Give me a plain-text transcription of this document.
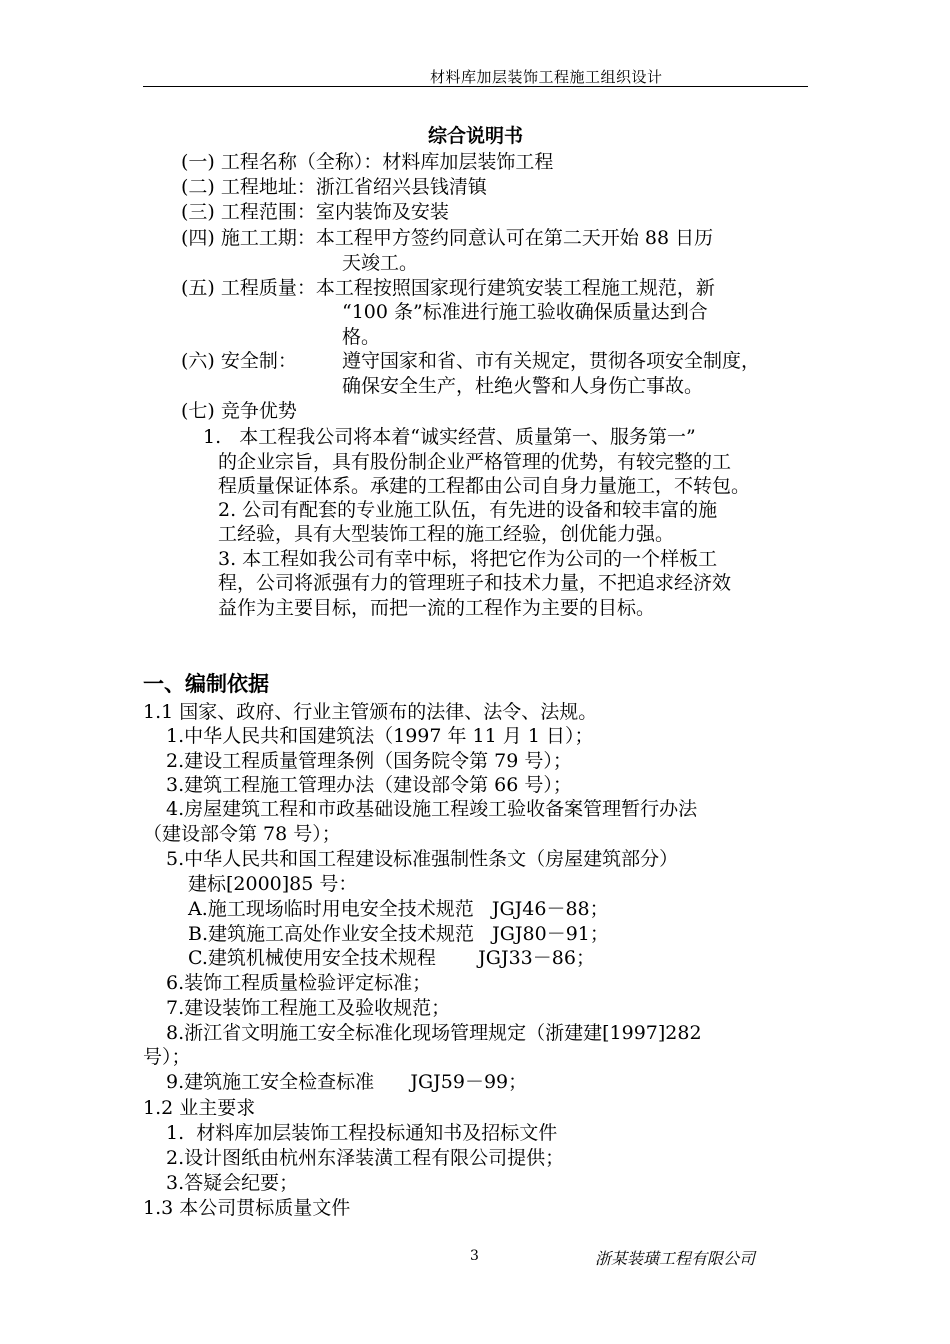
材料库加层装饰工程施工组织设计
综合说明书
(一) 工程名称（全称）：材料库加层装饰工程
(二) 工程地址：浙江省绍兴县钱清镇
(三) 工程范围：室内装饰及安装
(四) 施工工期：本工程甲方签约同意认可在第二天开始 88 日历
天竣工。
(五) 工程质量：本工程按照国家现行建筑安装工程施工规范，新
“100 条”标准进行施工验收确保质量达到合
格。
(六) 安全制： 遵守国家和省、市有关规定，贯彻各项安全制度，
确保安全生产，杜绝火警和人身伤亡事故。
(七) 竞争优势
1.   本工程我公司将本着“诚实经营、质量第一、服务第一”
的企业宗旨，具有股份制企业严格管理的优势，有较完整的工
程质量保证体系。承建的工程都由公司自身力量施工，不转包。
2. 公司有配套的专业施工队伍，有先进的设备和较丰富的施
工经验，具有大型装饰工程的施工经验，创优能力强。
3. 本工程如我公司有幸中标，将把它作为公司的一个样板工
程，公司将派强有力的管理班子和技术力量，不把追求经济效
益作为主要目标，而把一流的工程作为主要的目标。
一、编制依据
1.1 国家、政府、行业主管颁布的法律、法令、法规。
1.中华人民共和国建筑法（1997 年 11 月 1 日）；
2.建设工程质量管理条例（国务院令第 79 号）；
3.建筑工程施工管理办法（建设部令第 66 号）；
4.房屋建筑工程和市政基础设施工程竣工验收备案管理暂行办法
（建设部令第 78 号）；
5.中华人民共和国工程建设标准强制性条文（房屋建筑部分）
建标[2000]85 号：
A.施工现场临时用电安全技术规范   JGJ46－88；
B.建筑施工高处作业安全技术规范   JGJ80－91；
C.建筑机械使用安全技术规程       JGJ33－86；
6.装饰工程质量检验评定标准；
7.建设装饰工程施工及验收规范；
8.浙江省文明施工安全标准化现场管理规定（浙建建[1997]282
号）；
9.建筑施工安全检查标准      JGJ59－99；
1.2 业主要求
1.  材料库加层装饰工程投标通知书及招标文件
2.设计图纸由杭州东泽装潢工程有限公司提供；
3.答疑会纪要；
1.3 本公司贯标质量文件
3	浙某装璜工程有限公司
